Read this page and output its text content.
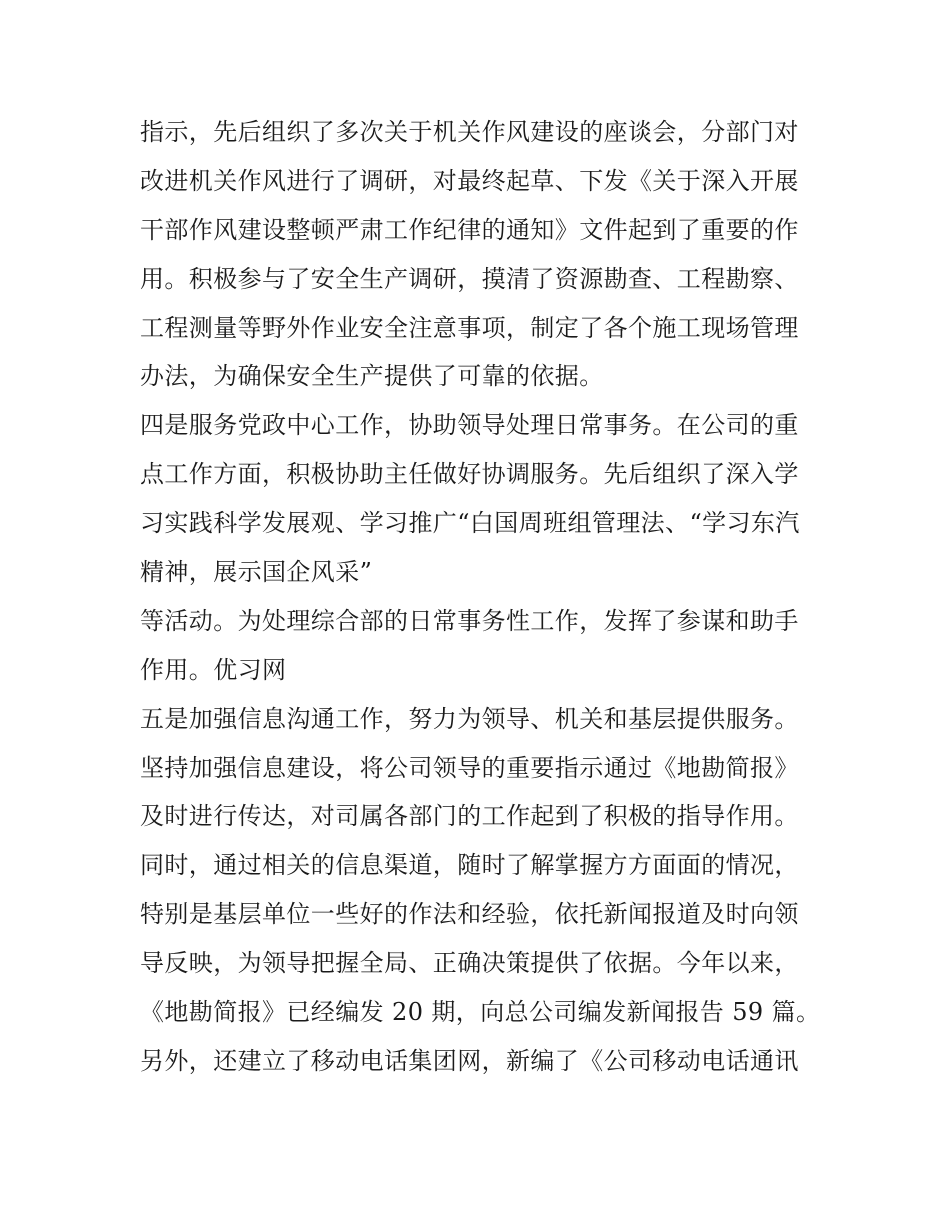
指示，先后组织了多次关于机关作风建设的座谈会，分部门对
改进机关作风进行了调研，对最终起草、下发《关于深入开展
干部作风建设整顿严肃工作纪律的通知》文件起到了重要的作
用。积极参与了安全生产调研，摸清了资源勘查、工程勘察、
工程测量等野外作业安全注意事项，制定了各个施工现场管理
办法，为确保安全生产提供了可靠的依据。
四是服务党政中心工作，协助领导处理日常事务。在公司的重
点工作方面，积极协助主任做好协调服务。先后组织了深入学
习实践科学发展观、学习推广“白国周班组管理法、“学习东汽
精神，展示国企风采”
等活动。为处理综合部的日常事务性工作，发挥了参谋和助手
作用。优习网
五是加强信息沟通工作，努力为领导、机关和基层提供服务。
坚持加强信息建设，将公司领导的重要指示通过《地勘简报》
及时进行传达，对司属各部门的工作起到了积极的指导作用。
同时，通过相关的信息渠道，随时了解掌握方方面面的情况，
特别是基层单位一些好的作法和经验，依托新闻报道及时向领
导反映，为领导把握全局、正确决策提供了依据。今年以来，
《地勘简报》已经编发 20 期，向总公司编发新闻报告 59 篇。
另外，还建立了移动电话集团网，新编了《公司移动电话通讯
